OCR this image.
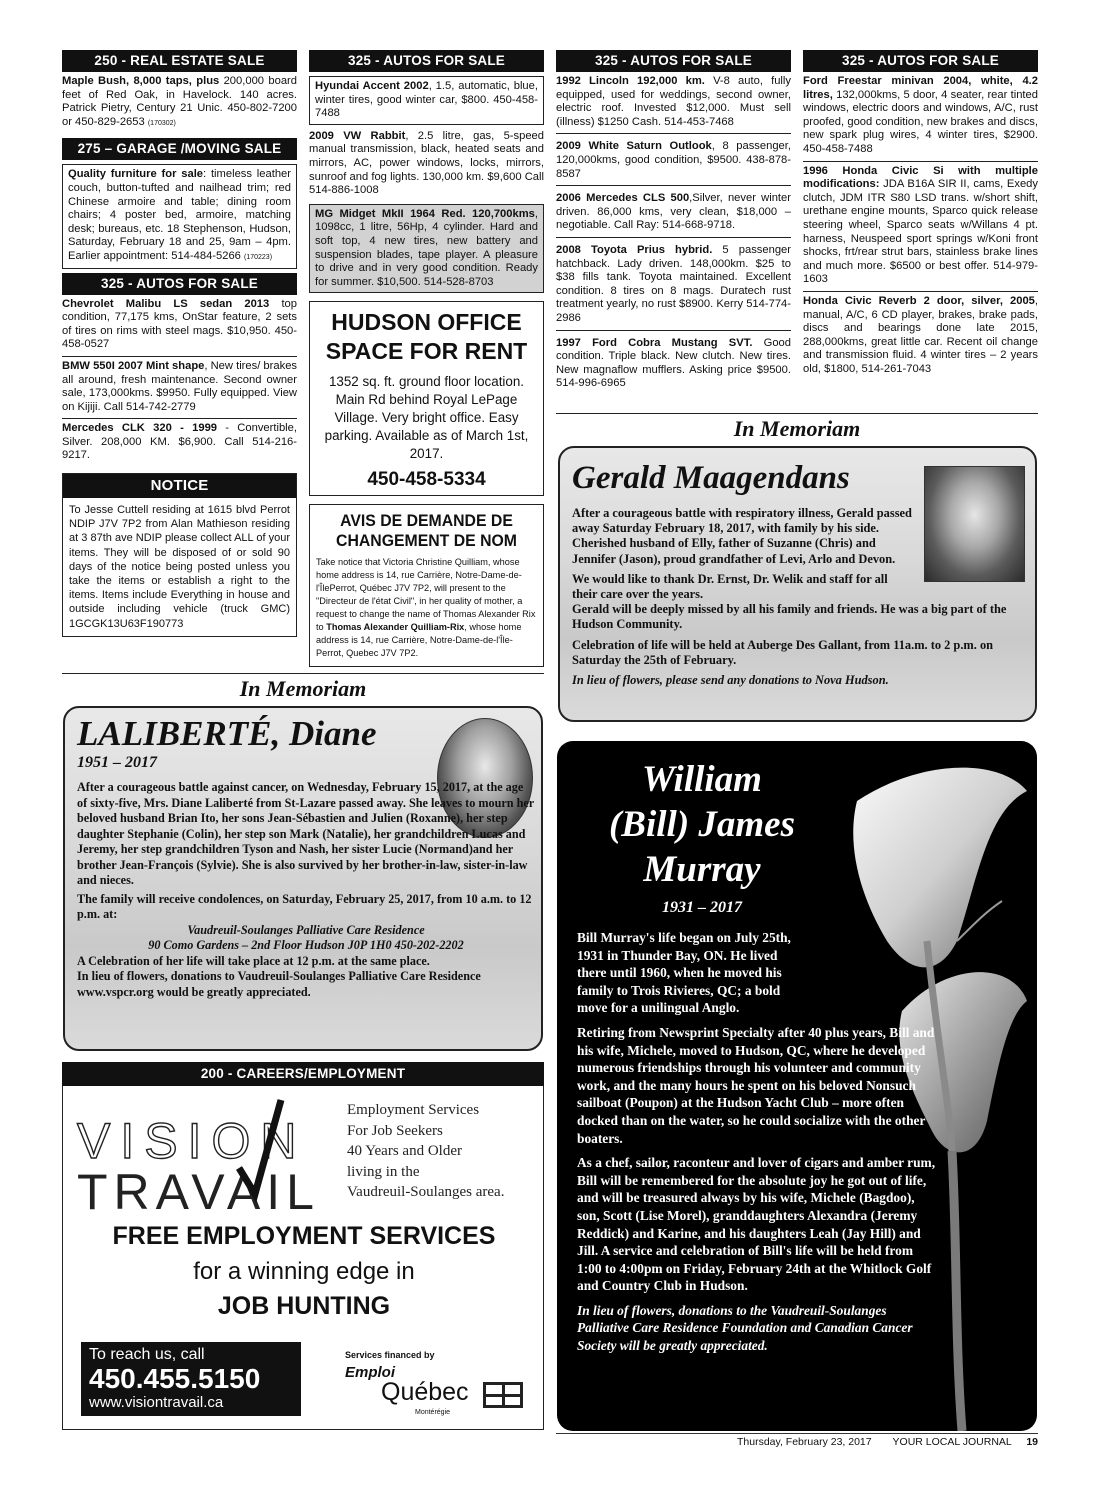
250 - REAL ESTATE SALE
Maple Bush, 8,000 taps, plus 200,000 board feet of Red Oak, in Havelock. 140 acres. Patrick Pietry, Century 21 Unic. 450-802-7200 or 450-829-2653 (170302)
275 – GARAGE /MOVING SALE
Quality furniture for sale: timeless leather couch, button-tufted and nailhead trim; red Chinese armoire and table; dining room chairs; 4 poster bed, armoire, matching desk; bureaus, etc. 18 Stephenson, Hudson, Saturday, February 18 and 25, 9am – 4pm. Earlier appointment: 514-484-5266 (170223)
325 - AUTOS FOR SALE
Chevrolet Malibu LS sedan 2013 top condition, 77,175 kms, OnStar feature, 2 sets of tires on rims with steel mags. $10,950. 450-458-0527
BMW 550I 2007 Mint shape, New tires/ brakes all around, fresh maintenance. Second owner sale, 173,000kms. $9950. Fully equipped. View on Kijiji. Call 514-742-2779
Mercedes CLK 320 - 1999 - Convertible, Silver. 208,000 KM. $6,900. Call 514-216-9217.
NOTICE
To Jesse Cuttell residing at 1615 blvd Perrot NDIP J7V 7P2 from Alan Mathieson residing at 3 87th ave NDIP please collect ALL of your items. They will be disposed of or sold 90 days of the notice being posted unless you take the items or establish a right to the items. Items include Everything in house and outside including vehicle (truck GMC) 1GCGK13U63F190773
325 - AUTOS FOR SALE
Hyundai Accent 2002, 1.5, automatic, blue, winter tires, good winter car, $800. 450-458-7488
2009 VW Rabbit, 2.5 litre, gas, 5-speed manual transmission, black, heated seats and mirrors, AC, power windows, locks, mirrors, sunroof and fog lights. 130,000 km. $9,600 Call 514-886-1008
MG Midget MkII 1964 Red. 120,700kms, 1098cc, 1 litre, 56Hp, 4 cylinder. Hard and soft top, 4 new tires, new battery and suspension blades, tape player. A pleasure to drive and in very good condition. Ready for summer. $10,500. 514-528-8703
HUDSON OFFICE
SPACE FOR RENT
1352 sq. ft. ground floor location. Main Rd behind Royal LePage Village. Very bright office. Easy parking. Available as of March 1st, 2017.
450-458-5334
AVIS DE DEMANDE DE
CHANGEMENT DE NOM
Take notice that Victoria Christine Quilliam, whose home address is 14, rue Carrière, Notre-Dame-de-l'ÎlePerrot, Québec J7V 7P2, will present to the "Directeur de l'état Civil", in her quality of mother, a request to change the name of Thomas Alexander Rix to Thomas Alexander Quilliam-Rix, whose home address is 14, rue Carrière, Notre-Dame-de-l'Île-Perrot, Quebec J7V 7P2.
325 - AUTOS FOR SALE
1992 Lincoln 192,000 km. V-8 auto, fully equipped, used for weddings, second owner, electric roof. Invested $12,000. Must sell (illness) $1250 Cash. 514-453-7468
2009 White Saturn Outlook, 8 passenger, 120,000kms, good condition, $9500. 438-878-8587
2006 Mercedes CLS 500,Silver, never winter driven. 86,000 kms, very clean, $18,000 – negotiable. Call Ray: 514-668-9718.
2008 Toyota Prius hybrid. 5 passenger hatchback. Lady driven. 148,000km. $25 to $38 fills tank. Toyota maintained. Excellent condition. 8 tires on 8 mags. Duratech rust treatment yearly, no rust $8900. Kerry 514-774-2986
1997 Ford Cobra Mustang SVT. Good condition. Triple black. New clutch. New tires. New magnaflow mufflers. Asking price $9500. 514-996-6965
325 - AUTOS FOR SALE
Ford Freestar minivan 2004, white, 4.2 litres, 132,000kms, 5 door, 4 seater, rear tinted windows, electric doors and windows, A/C, rust proofed, good condition, new brakes and discs, new spark plug wires, 4 winter tires, $2900. 450-458-7488
1996 Honda Civic Si with multiple modifications: JDA B16A SIR II, cams, Exedy clutch, JDM ITR S80 LSD trans. w/short shift, urethane engine mounts, Sparco quick release steering wheel, Sparco seats w/Willans 4 pt. harness, Neuspeed sport springs w/Koni front shocks, frt/rear strut bars, stainless brake lines and much more. $6500 or best offer. 514-979-1603
Honda Civic Reverb 2 door, silver, 2005, manual, A/C, 6 CD player, brakes, brake pads, discs and bearings done late 2015, 288,000kms, great little car. Recent oil change and transmission fluid. 4 winter tires – 2 years old, $1800, 514-261-7043
In Memoriam
Gerald Maagendans

After a courageous battle with respiratory illness, Gerald passed away Saturday February 18, 2017, with family by his side. Cherished husband of Elly, father of Suzanne (Chris) and Jennifer (Jason), proud grandfather of Levi, Arlo and Devon.

We would like to thank Dr. Ernst, Dr. Welik and staff for all their care over the years.

Gerald will be deeply missed by all his family and friends. He was a big part of the Hudson Community.

Celebration of life will be held at Auberge Des Gallant, from 11a.m. to 2 p.m. on Saturday the 25th of February.

In lieu of flowers, please send any donations to Nova Hudson.

In Memoriam
LALIBERTÉ, Diane
1951 – 2017

After a courageous battle against cancer, on Wednesday, February 15, 2017, at the age of sixty-five, Mrs. Diane Laliberté from St-Lazare passed away. She leaves to mourn her beloved husband Brian Ito, her sons Jean-Sébastien and Julien (Roxanne), her step daughter Stephanie (Colin), her step son Mark (Natalie), her grandchildren Lucas and Jeremy, her step grandchildren Tyson and Nash, her sister Lucie (Normand)and her brother Jean-François (Sylvie). She is also survived by her brother-in-law, sister-in-law and nieces.

The family will receive condolences, on Saturday, February 25, 2017, from 10 a.m. to 12 p.m. at:

Vaudreuil-Soulanges Palliative Care Residence
90 Como Gardens – 2nd Floor Hudson J0P 1H0 450-202-2202
A Celebration of her life will take place at 12 p.m. at the same place.
In lieu of flowers, donations to Vaudreuil-Soulanges Palliative Care Residence www.vspcr.org would be greatly appreciated.
William
(Bill) James
Murray
1931 – 2017

Bill Murray's life began on July 25th, 1931 in Thunder Bay, ON. He lived there until 1960, when he moved his family to Trois Rivieres, QC; a bold move for a unilingual Anglo.

Retiring from Newsprint Specialty after 40 plus years, Bill and his wife, Michele, moved to Hudson, QC, where he developed numerous friendships through his volunteer and community work, and the many hours he spent on his beloved Nonsuch sailboat (Poupon) at the Hudson Yacht Club – more often docked than on the water, so he could socialize with the other boaters.

As a chef, sailor, raconteur and lover of cigars and amber rum, Bill will be remembered for the absolute joy he got out of life, and will be treasured always by his wife, Michele (Bagdoo), son, Scott (Lise Morel), granddaughters Alexandra (Jeremy Reddick) and Karine, and his daughters Leah (Jay Hill) and Jill. A service and celebration of Bill's life will be held from 1:00 to 4:00pm on Friday, February 24th at the Whitlock Golf and Country Club in Hudson.

In lieu of flowers, donations to the Vaudreuil-Soulanges Palliative Care Residence Foundation and Canadian Cancer Society will be greatly appreciated.

200 - CAREERS/EMPLOYMENT
VISION
TRAVAIL
Employment Services
For Job Seekers
40 Years and Older
living in the
Vaudreuil-Soulanges area.
FREE EMPLOYMENT SERVICES
for a winning edge in
JOB HUNTING
To reach us, call
450.455.5150
www.visiontravail.ca
Services financed by
Emploi
Québec
Montérégie
Thursday, February 23, 2017 YOUR LOCAL JOURNAL 19
